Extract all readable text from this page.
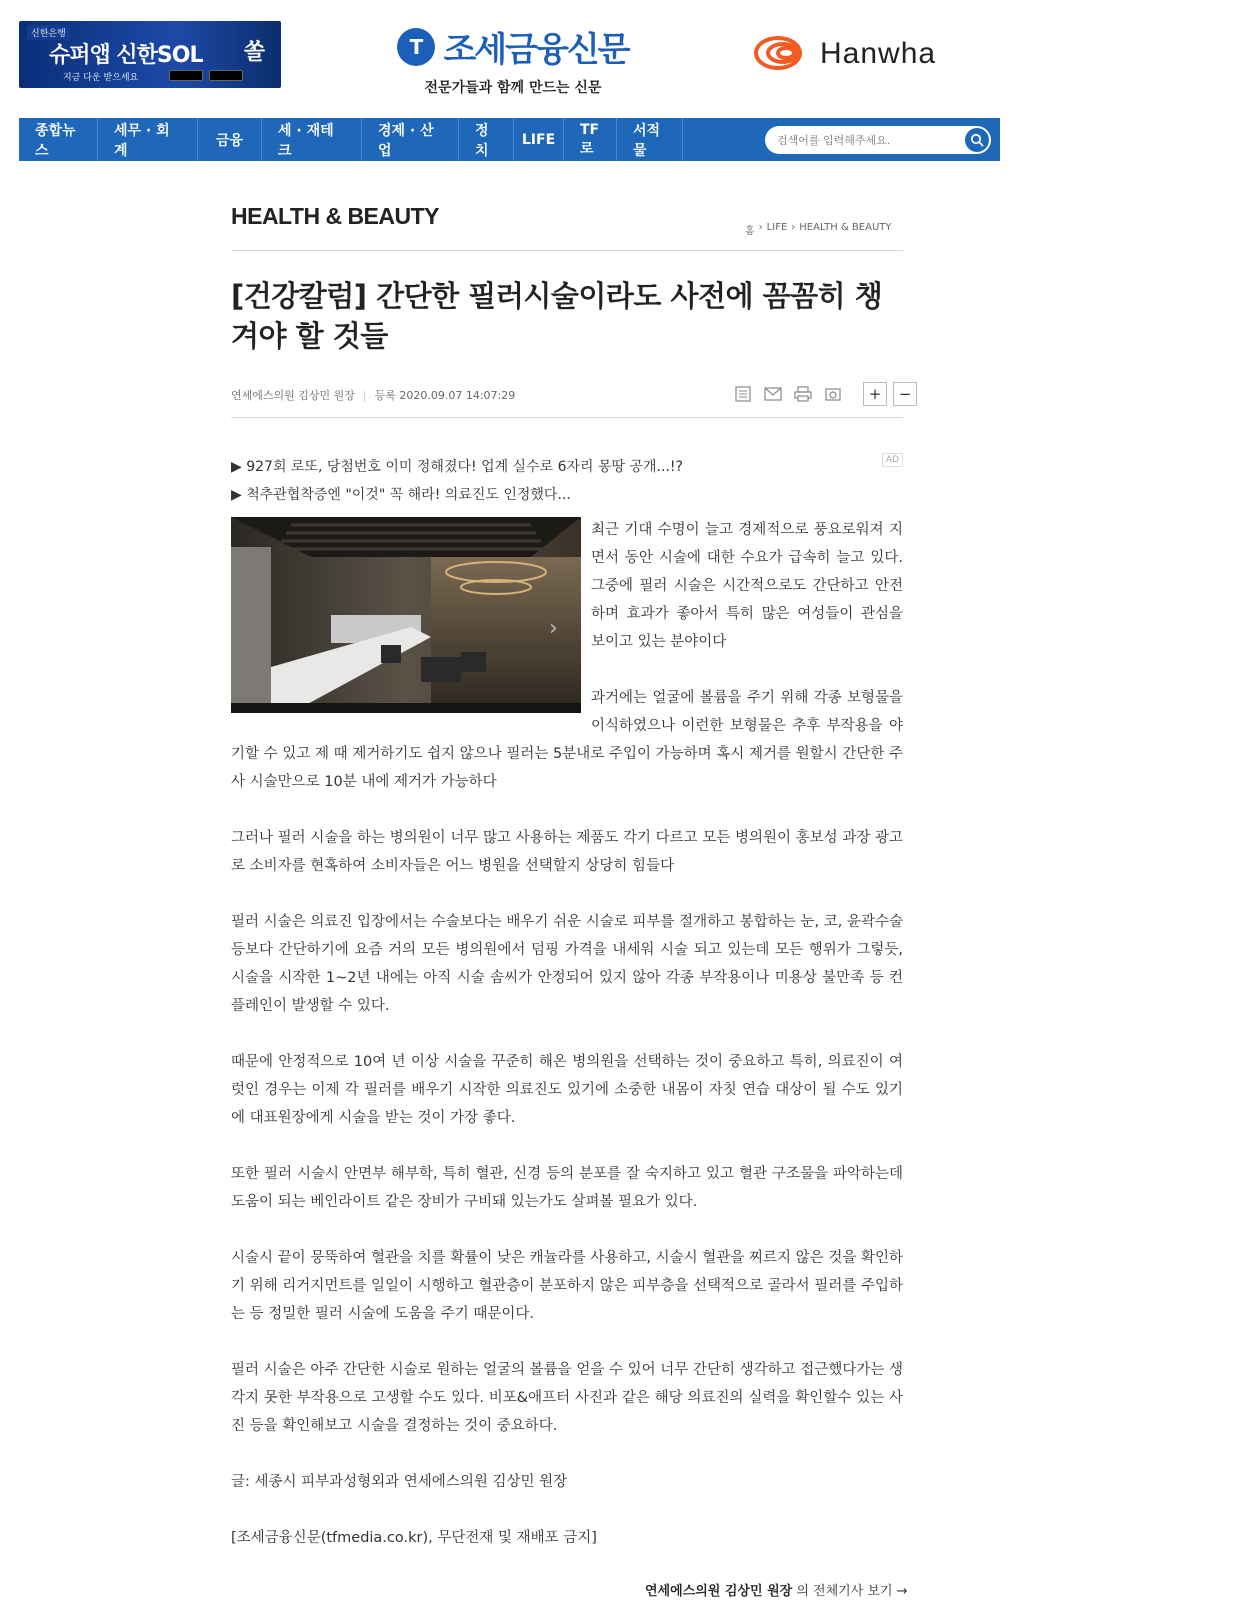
신한은행
슈퍼앱 신한SOL 쏠
지금 다운 받으세요
T 조세금융신문
전문가들과 함께 만드는 신문
Hanwha
종합뉴스
세무 · 회계
금융
세 · 재테크
경제 · 산업
정치
LIFE
TF로
서적물
검색어를 입력해주세요.
HEALTH & BEAUTY
홈 › LIFE › HEALTH & BEAUTY
[건강칼럼] 간단한 필러시술이라도 사전에 꼼꼼히 챙겨야 할 것들
연세에스의원 김상민 원장 | 등록 2020.09.07 14:07:29	+ −
AD
▶ 927회 로또, 당첨번호 이미 정해졌다! 업계 실수로 6자리 몽땅 공개...!?
▶ 척추관협착증엔 "이것" 꼭 해라! 의료진도 인정했다...
›

최근 기대 수명이 늘고 경제적으로 풍요로워져 지면서 동안 시술에 대한 수요가 급속히 늘고 있다. 그중에 필러 시술은 시간적으로도 간단하고 안전하며 효과가 좋아서 특히 많은 여성들이 관심을 보이고 있는 분야이다

과거에는 얼굴에 볼륨을 주기 위해 각종 보형물을 이식하였으나 이런한 보형물은 추후 부작용을 야기할 수 있고 제 때 제거하기도 쉽지 않으나 필러는 5분내로 주입이 가능하며 혹시 제거를 원할시 간단한 주사 시술만으로 10분 내에 제거가 가능하다

그러나 필러 시술을 하는 병의원이 너무 많고 사용하는 제품도 각기 다르고 모든 병의원이 홍보성 과장 광고로 소비자를 현혹하여 소비자들은 어느 병원을 선택할지 상당히 힘들다

필러 시술은 의료진 입장에서는 수술보다는 배우기 쉬운 시술로 피부를 절개하고 봉합하는 눈, 코, 윤곽수술 등보다 간단하기에 요즘 거의 모든 병의원에서 덤핑 가격을 내세워 시술 되고 있는데 모든 행위가 그렇듯, 시술을 시작한 1~2년 내에는 아직 시술 솜씨가 안정되어 있지 않아 각종 부작용이나 미용상 불만족 등 컨플레인이 발생할 수 있다.

때문에 안정적으로 10여 년 이상 시술을 꾸준히 해온 병의원을 선택하는 것이 중요하고 특히, 의료진이 여럿인 경우는 이제 각 필러를 배우기 시작한 의료진도 있기에 소중한 내몸이 자칫 연습 대상이 될 수도 있기에 대표원장에게 시술을 받는 것이 가장 좋다.

또한 필러 시술시 안면부 해부학, 특히 혈관, 신경 등의 분포를 잘 숙지하고 있고 혈관 구조물을 파악하는데 도움이 되는 베인라이트 같은 장비가 구비돼 있는가도 살펴볼 필요가 있다.

시술시 끝이 뭉뚝하여 혈관을 치를 확률이 낮은 캐뉼라를 사용하고, 시술시 혈관을 찌르지 않은 것을 확인하기 위해 리거지먼트를 일일이 시행하고 혈관층이 분포하지 않은 피부층을 선택적으로 골라서 필러를 주입하는 등 정밀한 필러 시술에 도움을 주기 때문이다.

필러 시술은 아주 간단한 시술로 원하는 얼굴의 볼륨을 얻을 수 있어 너무 간단히 생각하고 접근했다가는 생각지 못한 부작용으로 고생할 수도 있다. 비포&애프터 사진과 같은 해당 의료진의 실력을 확인할수 있는 사진 등을 확인해보고 시술을 결정하는 것이 중요하다.

글: 세종시 피부과성형외과 연세에스의원 김상민 원장

[조세금융신문(tfmedia.co.kr), 무단전재 및 재배포 금지]

연세에스의원 김상민 원장 의 전체기사 보기 →
